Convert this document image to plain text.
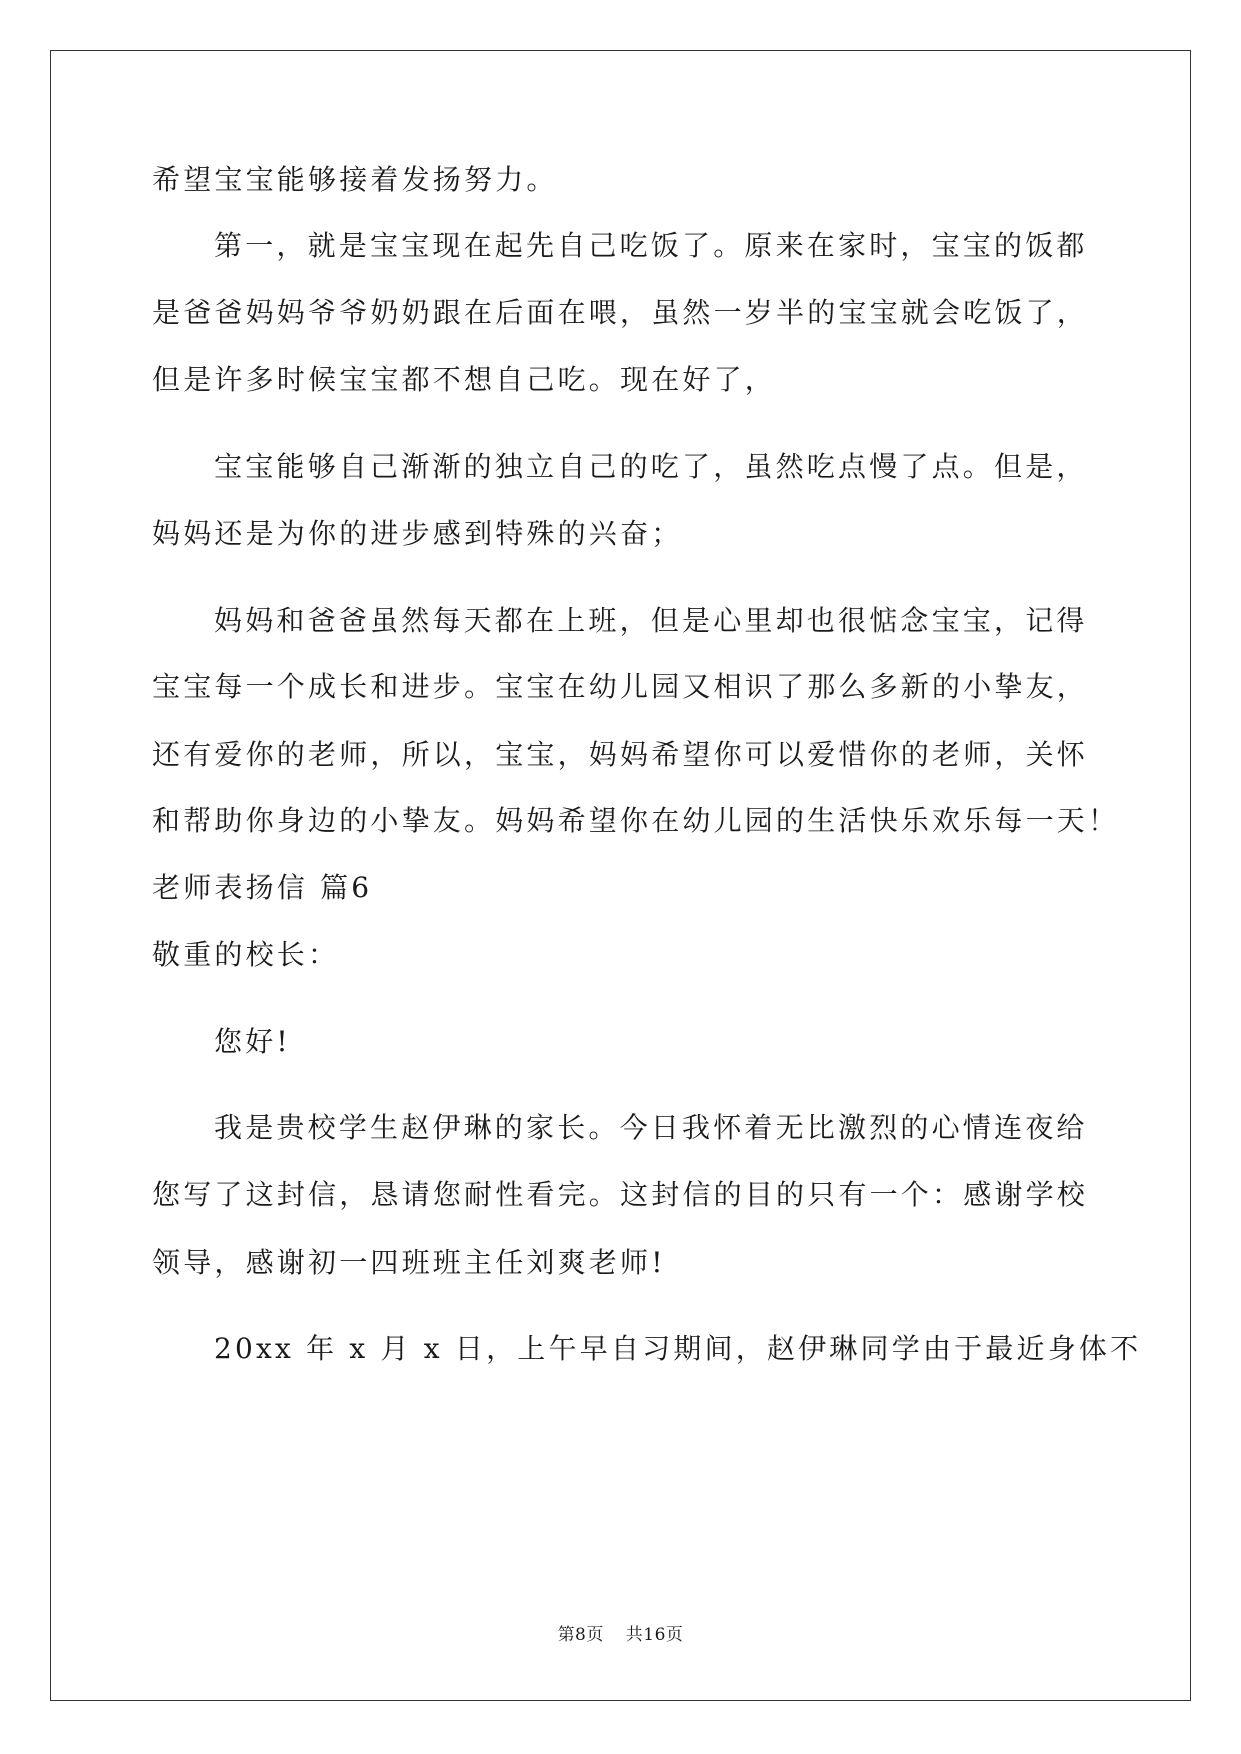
希望宝宝能够接着发扬努力。
第一，就是宝宝现在起先自己吃饭了。原来在家时，宝宝的饭都
是爸爸妈妈爷爷奶奶跟在后面在喂，虽然一岁半的宝宝就会吃饭了，
但是许多时候宝宝都不想自己吃。现在好了，
宝宝能够自己渐渐的独立自己的吃了，虽然吃点慢了点。但是，
妈妈还是为你的进步感到特殊的兴奋；
妈妈和爸爸虽然每天都在上班，但是心里却也很惦念宝宝，记得
宝宝每一个成长和进步。宝宝在幼儿园又相识了那么多新的小挚友，
还有爱你的老师，所以，宝宝，妈妈希望你可以爱惜你的老师，关怀
和帮助你身边的小挚友。妈妈希望你在幼儿园的生活快乐欢乐每一天！
老师表扬信 篇6
敬重的校长：
您好!
我是贵校学生赵伊琳的家长。今日我怀着无比激烈的心情连夜给
您写了这封信，恳请您耐性看完。这封信的目的只有一个：感谢学校
领导，感谢初一四班班主任刘爽老师!
20xx 年 x 月 x 日，上午早自习期间，赵伊琳同学由于最近身体不
第8页 共16页
